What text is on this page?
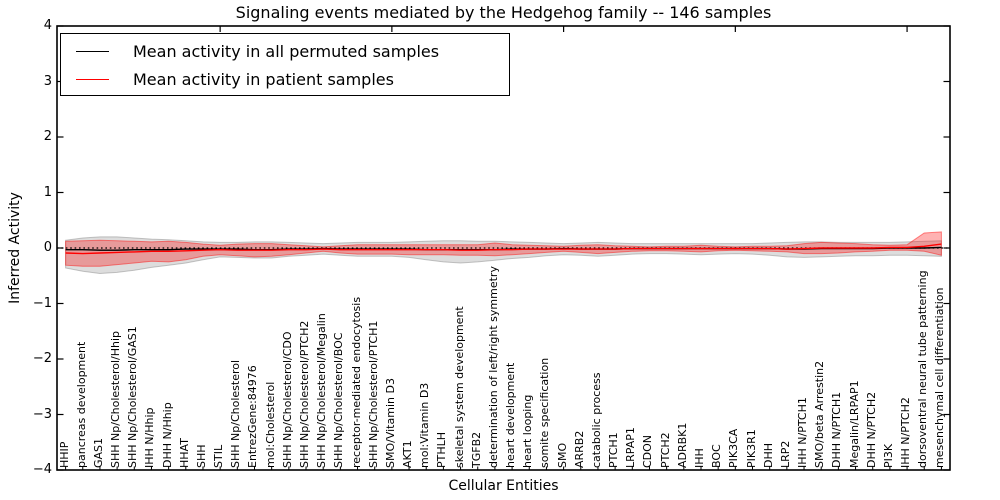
Signaling events mediated by the Hedgehog family -- 146 samples
Inferred Activity
Cellular Entities
Mean activity in all permuted samples
Mean activity in patient samples
4
3
2
1
0
−1
−2
−3
−4
HHIP pancreas development GAS1 SHH Np/Cholesterol/Hhip SHH Np/Cholesterol/GAS1 IHH N/Hhip DHH N/Hhip HHAT SHH STIL SHH Np/Cholesterol EntrezGene:84976 mol:Cholesterol SHH Np/Cholesterol/CDO SHH Np/Cholesterol/PTCH2 SHH Np/Cholesterol/Megalin SHH Np/Cholesterol/BOC receptor-mediated endocytosis SHH Np/Cholesterol/PTCH1 SMO/Vitamin D3 AKT1 mol:Vitamin D3 PTHLH skeletal system development TGFB2 determination of left/right symmetry heart development heart looping somite specification SMO ARRB2 catabolic process PTCH1 LRPAP1 CDON PTCH2 ADRBK1 IHH BOC PIK3CA PIK3R1 DHH LRP2 IHH N/PTCH1 SMO/beta Arrestin2 DHH N/PTCH1 Megalin/LRPAP1 DHH N/PTCH2 PI3K IHH N/PTCH2 dorsoventral neural tube patterning mesenchymal cell differentiation
